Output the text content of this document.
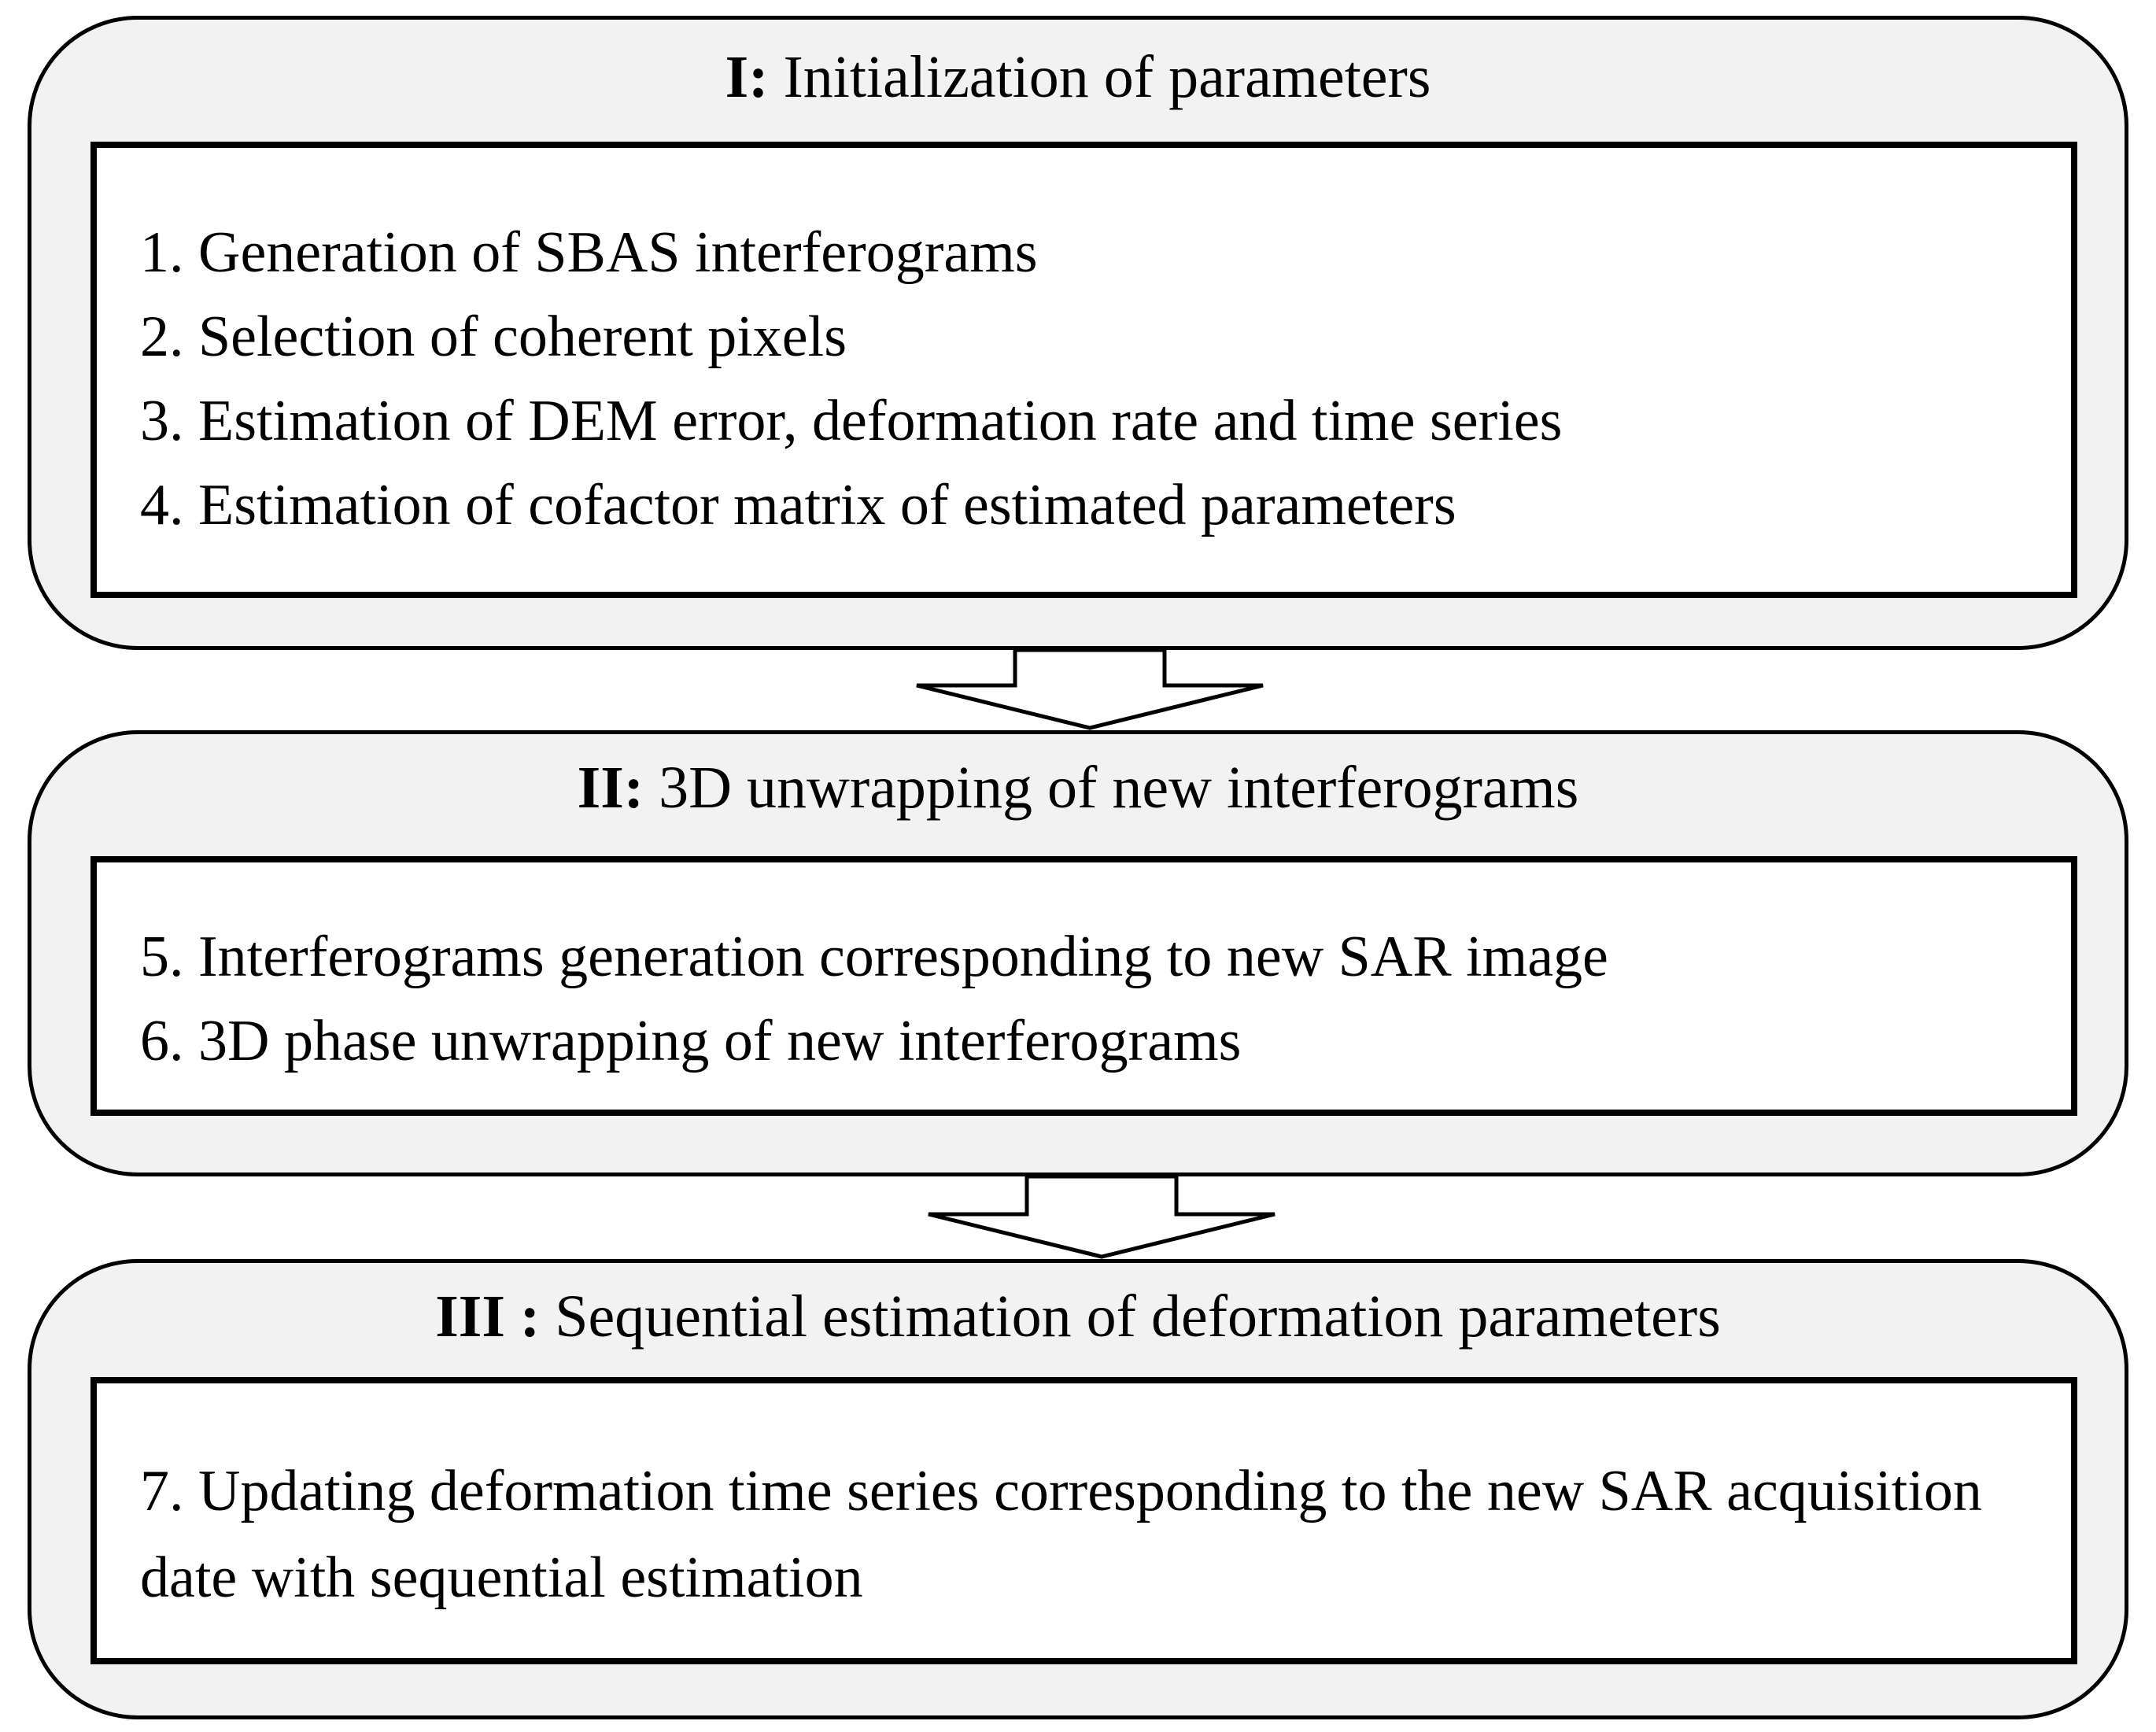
I: Initialization of parameters
1. Generation of SBAS interferograms
2. Selection of coherent pixels
3. Estimation of DEM error, deformation rate and time series
4. Estimation of cofactor matrix of estimated parameters
II: 3D unwrapping of new interferograms
5. Interferograms generation corresponding to new SAR image
6. 3D phase unwrapping of new interferograms
III : Sequential estimation of deformation parameters
7. Updating deformation time series corresponding to the new SAR acquisition date with sequential estimation
